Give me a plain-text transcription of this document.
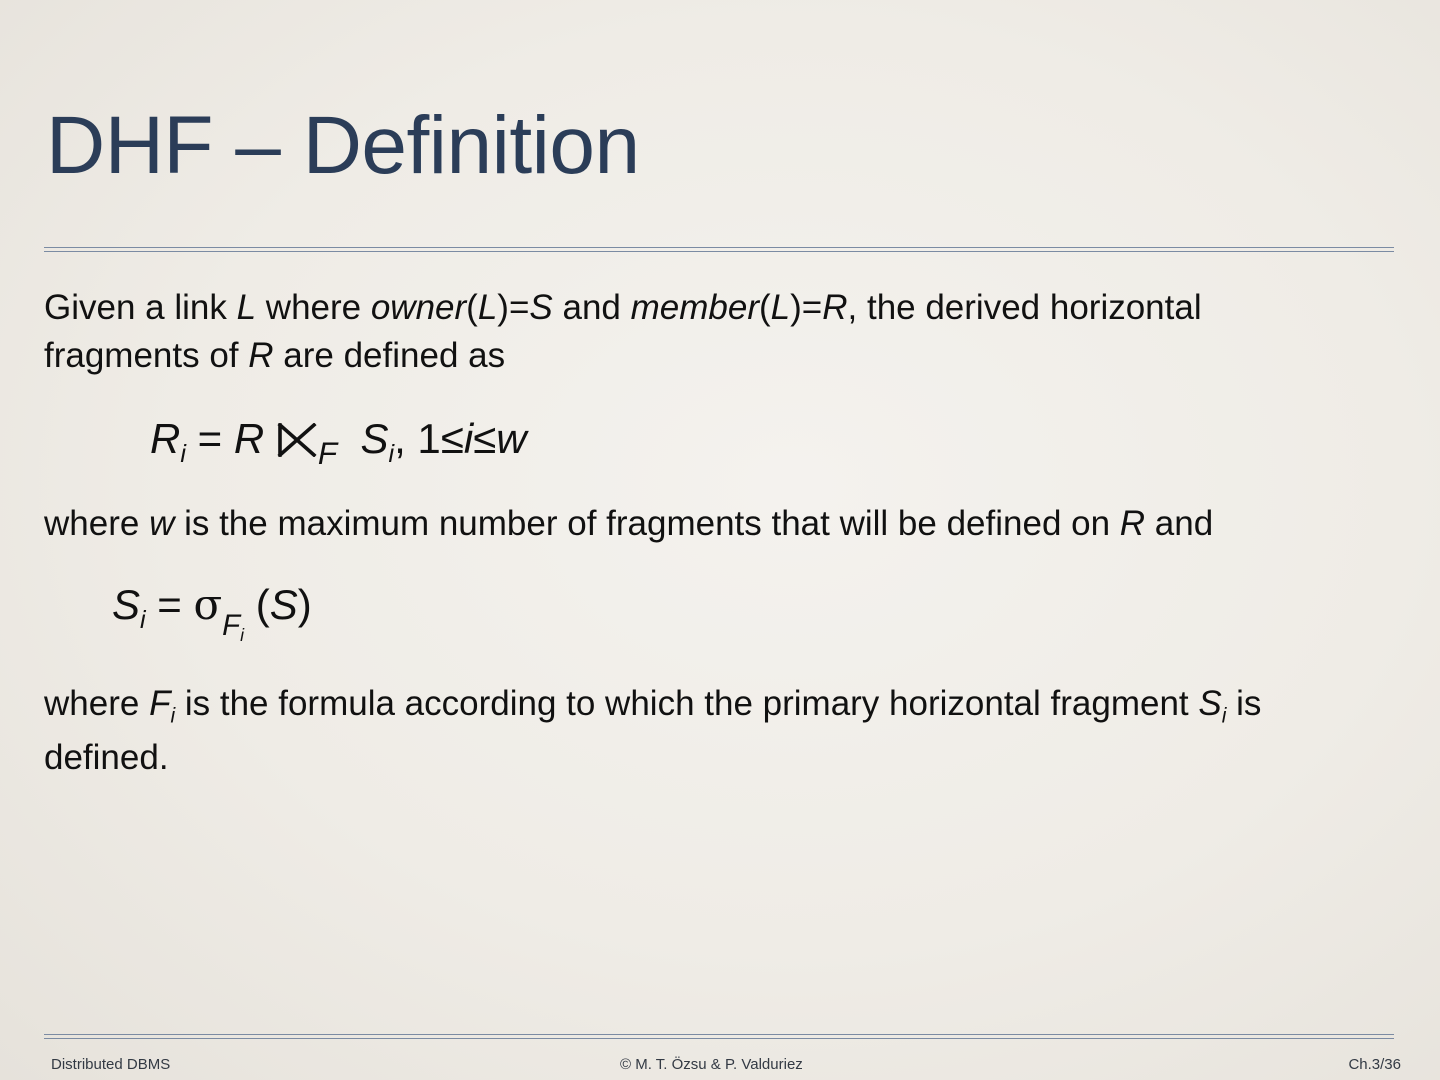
DHF – Definition

Given a link L where owner(L)=S and member(L)=R, the derived horizontal
fragments of R are defined as

$R_i = R$ $_F$ $S_i$, 1≤i≤w

where w is the maximum number of fragments that will be defined on R and

$S_i = \sigma_{F_i}$ (S)

where $F_i$ is the formula according to which the primary horizontal fragment $S_i$ is
defined.

Distributed DBMS	© M. T. Özsu & P. Valduriez	Ch.3/36
